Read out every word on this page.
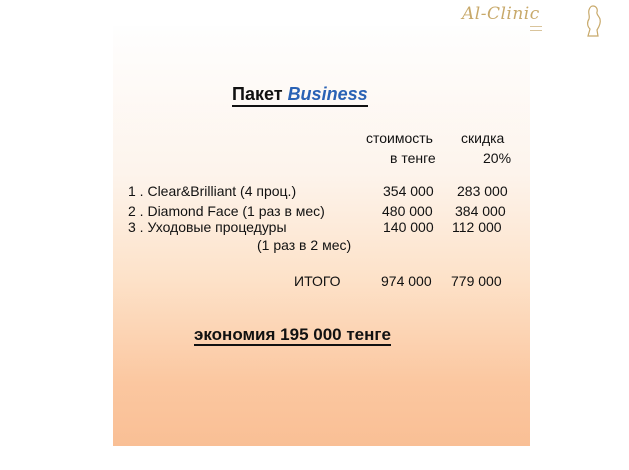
Al-Clinic
Пакет Business
стоимость скидка
в тенге	20%
1 . Clear&Brilliant (4 проц.)	354 000 283 000
2 . Diamond Face (1 раз в мес)	480 000 384 000
3 . Уходовые процедуры	140 000 112 000
(1 раз в 2 мес)
ИТОГО	974 000 779 000
экономия 195 000 тенге
